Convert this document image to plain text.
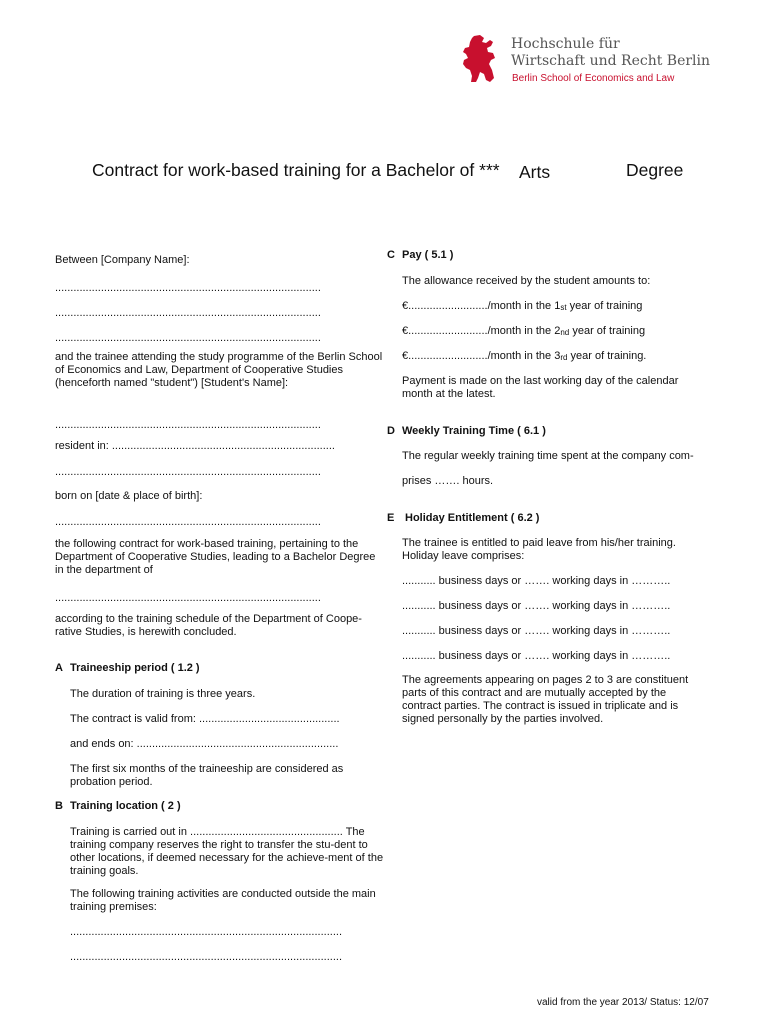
Hochschule für
Wirtschaft und Recht Berlin
Berlin School of Economics and Law
Contract for work-based training for a Bachelor of *** Arts	Degree
Between [Company Name]:
.......................................................................................
.......................................................................................
.......................................................................................
and the trainee attending the study programme of the Berlin School of Economics and Law, Department of Cooperative Studies (henceforth named "student") [Student's Name]:
.......................................................................................
resident in: .........................................................................
.......................................................................................
born on [date & place of birth]:
.......................................................................................
the following contract for work-based training, pertaining to the Department of Cooperative Studies, leading to a Bachelor Degree in the department of
.......................................................................................
according to the training schedule of the Department of Coope-rative Studies, is herewith concluded.
A Traineeship period ( 1.2 )
The duration of training is three years.
The contract is valid from: ..............................................
and ends on: ..................................................................
The first six months of the traineeship are considered as probation period.
B Training location ( 2 )
Training is carried out in .................................................. The training company reserves the right to transfer the stu-dent to other locations, if deemed necessary for the achieve-ment of the training goals.
The following training activities are conducted outside the main training premises:
.........................................................................................
.........................................................................................
C Pay ( 5.1 )
The allowance received by the student amounts to:
€........................../month in the $1_{st}$ year of training
€........................../month in the $2_{nd}$ year of training
€........................../month in the $3_{rd}$ year of training.
Payment is made on the last working day of the calendar month at the latest.
D Weekly Training Time ( 6.1 )
The regular weekly training time spent at the company com-
prises ……. hours.
E Holiday Entitlement ( 6.2 )
The trainee is entitled to paid leave from his/her training. Holiday leave comprises:
........... business days or ……. working days in ………..
........... business days or ……. working days in ………..
........... business days or ……. working days in ………..
........... business days or ……. working days in ………..
The agreements appearing on pages 2 to 3 are constituent parts of this contract and are mutually accepted by the contract parties. The contract is issued in triplicate and is signed personally by the parties involved.
valid from the year 2013/ Status: 12/07
